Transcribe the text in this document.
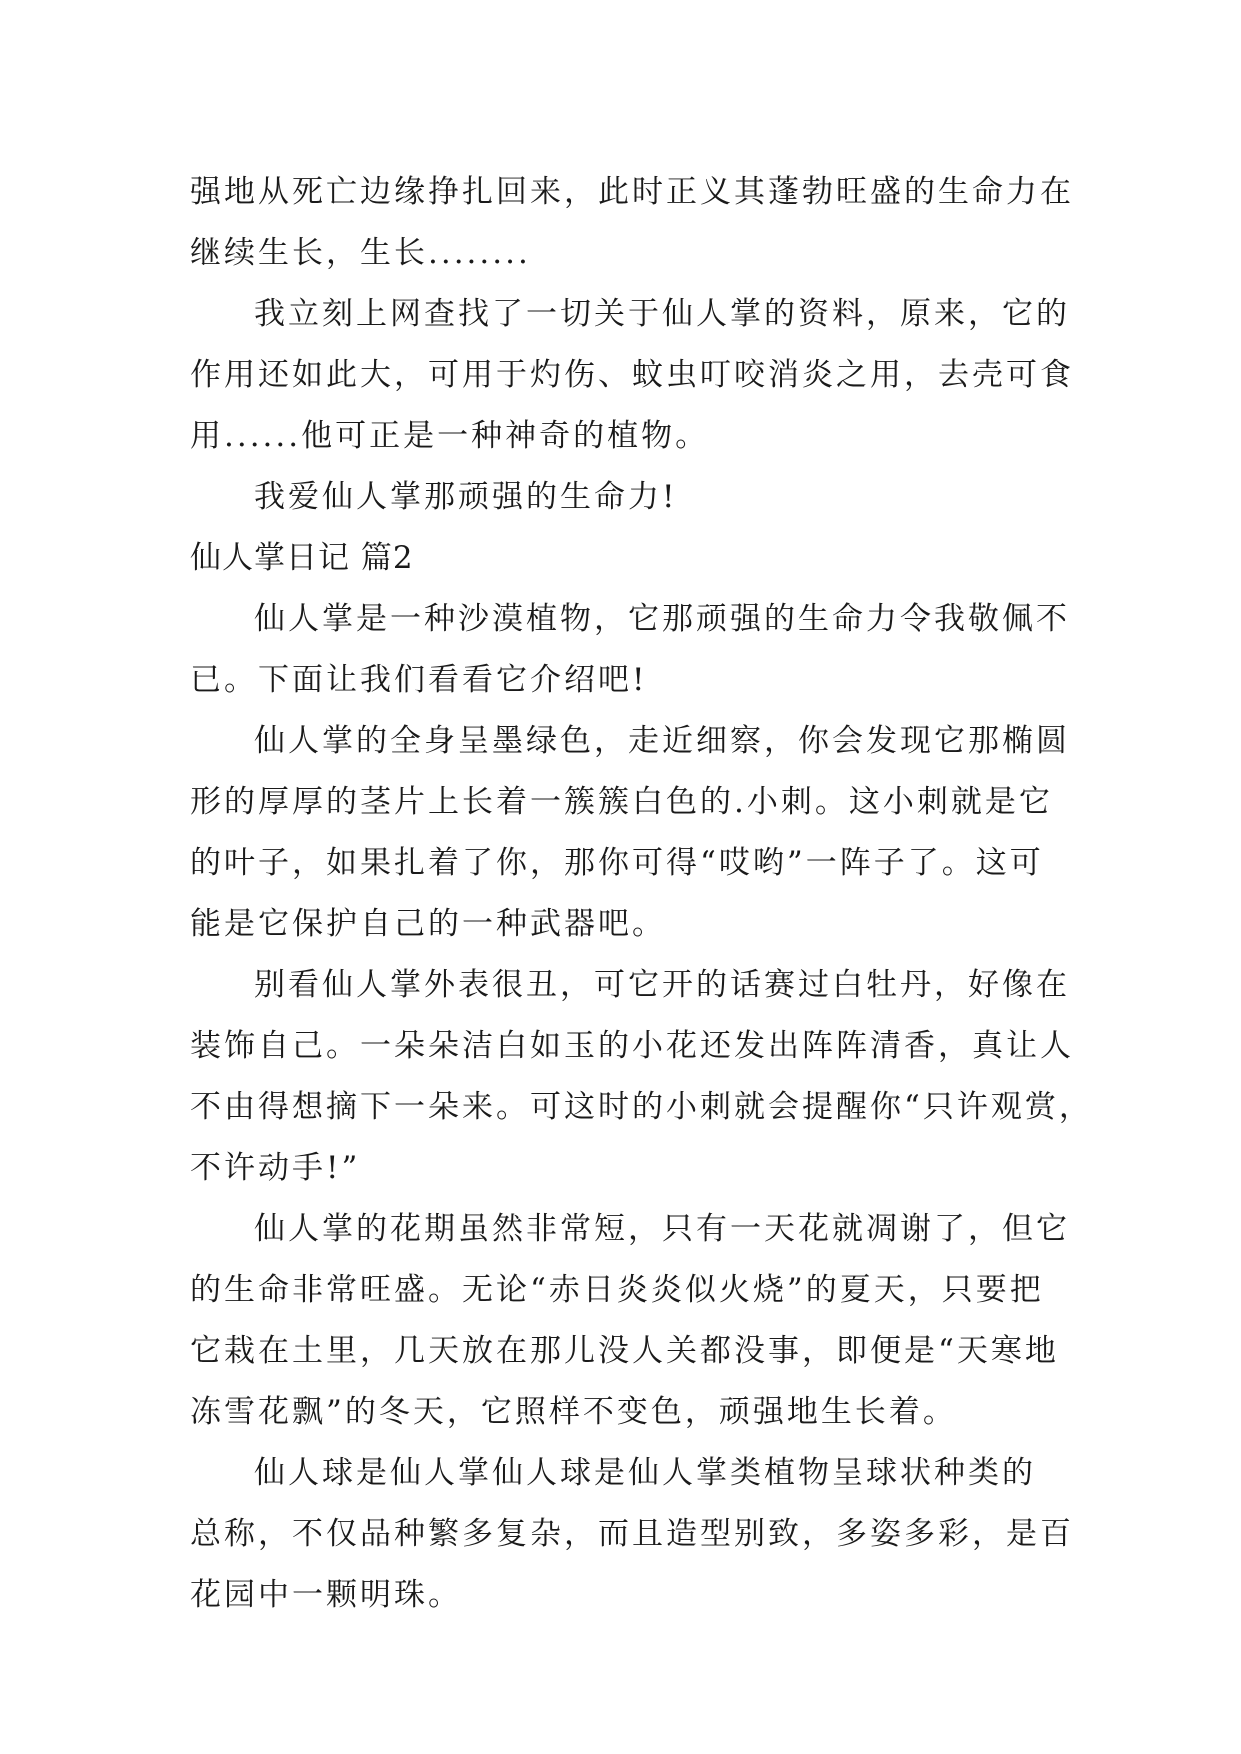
强地从死亡边缘挣扎回来，此时正义其蓬勃旺盛的生命力在
继续生长，生长........
我立刻上网查找了一切关于仙人掌的资料，原来，它的
作用还如此大，可用于灼伤、蚊虫叮咬消炎之用，去壳可食
用......他可正是一种神奇的植物。
我爱仙人掌那顽强的生命力!
仙人掌日记 篇2
仙人掌是一种沙漠植物，它那顽强的生命力令我敬佩不
已。下面让我们看看它介绍吧!
仙人掌的全身呈墨绿色，走近细察，你会发现它那椭圆
形的厚厚的茎片上长着一簇簇白色的.小刺。这小刺就是它
的叶子，如果扎着了你，那你可得“哎哟”一阵子了。这可
能是它保护自己的一种武器吧。
别看仙人掌外表很丑，可它开的话赛过白牡丹，好像在
装饰自己。一朵朵洁白如玉的小花还发出阵阵清香，真让人
不由得想摘下一朵来。可这时的小刺就会提醒你“只许观赏，
不许动手!”
仙人掌的花期虽然非常短，只有一天花就凋谢了，但它
的生命非常旺盛。无论“赤日炎炎似火烧”的夏天，只要把
它栽在土里，几天放在那儿没人关都没事，即便是“天寒地
冻雪花飘”的冬天，它照样不变色，顽强地生长着。
仙人球是仙人掌仙人球是仙人掌类植物呈球状种类的
总称，不仅品种繁多复杂，而且造型别致，多姿多彩，是百
花园中一颗明珠。
